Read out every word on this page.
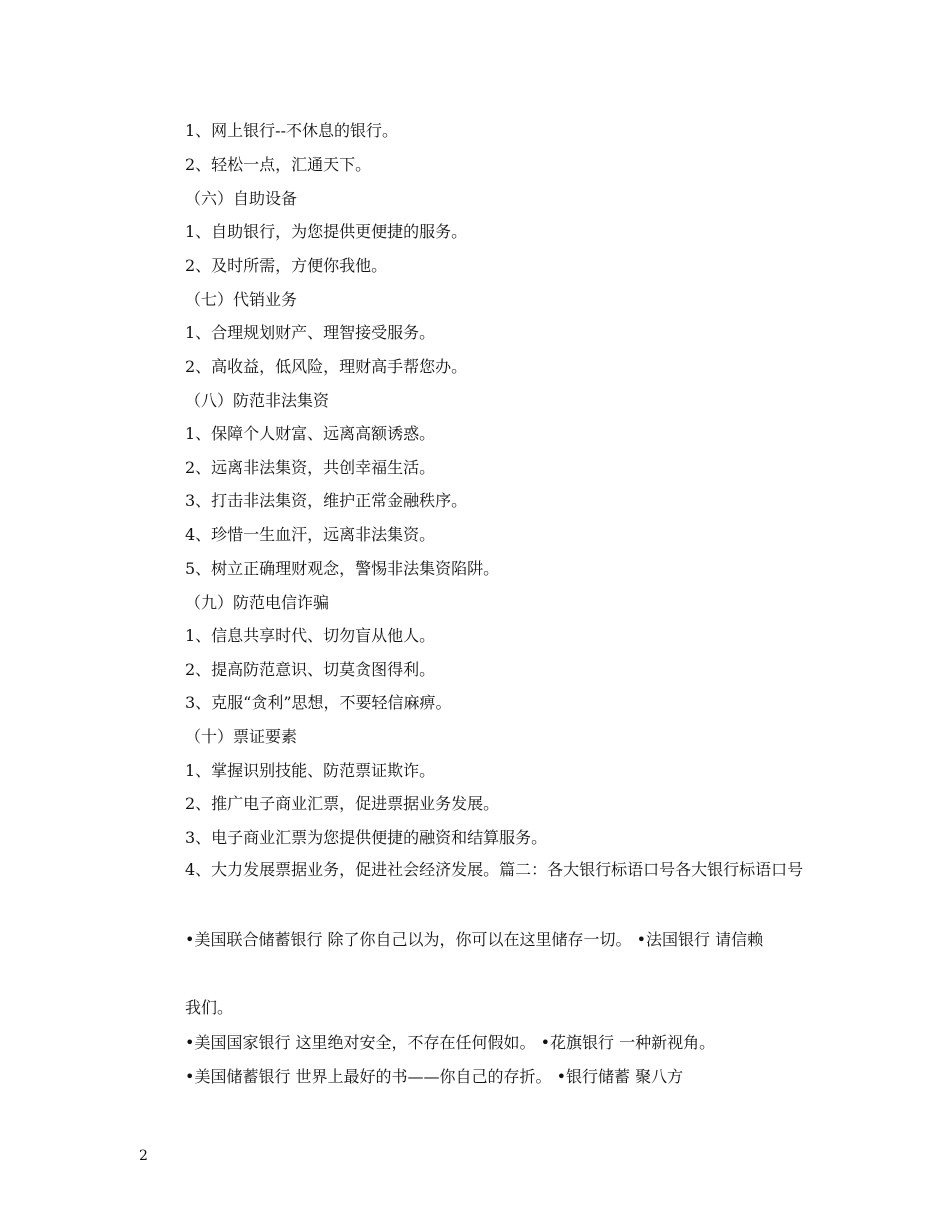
1、网上银行--不休息的银行。
2、轻松一点，汇通天下。
（六）自助设备
1、自助银行，为您提供更便捷的服务。
2、及时所需，方便你我他。
（七）代销业务
1、合理规划财产、理智接受服务。
2、高收益，低风险，理财高手帮您办。
（八）防范非法集资
1、保障个人财富、远离高额诱惑。
2、远离非法集资，共创幸福生活。
3、打击非法集资，维护正常金融秩序。
4、珍惜一生血汗，远离非法集资。
5、树立正确理财观念，警惕非法集资陷阱。
（九）防范电信诈骗
1、信息共享时代、切勿盲从他人。
2、提高防范意识、切莫贪图得利。
3、克服“贪利”思想，不要轻信麻痹。
（十）票证要素
1、掌握识别技能、防范票证欺诈。
2、推广电子商业汇票，促进票据业务发展。
3、电子商业汇票为您提供便捷的融资和结算服务。
4、大力发展票据业务，促进社会经济发展。篇二：各大银行标语口号各大银行标语口号
•美国联合储蓄银行 除了你自己以为，你可以在这里储存一切。 •法国银行 请信赖
我们。
•美国国家银行 这里绝对安全，不存在任何假如。 •花旗银行 一种新视角。
•美国储蓄银行 世界上最好的书——你自己的存折。 •银行储蓄 聚八方
2
